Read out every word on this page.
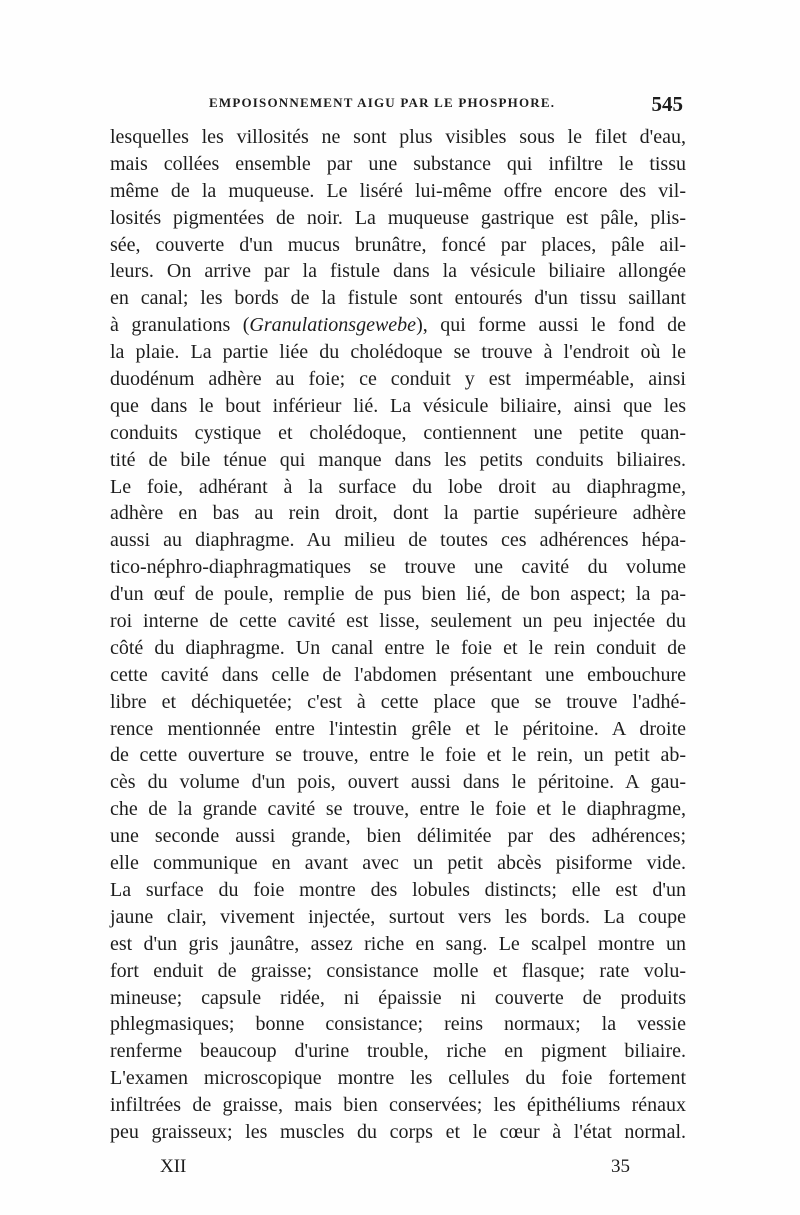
EMPOISONNEMENT AIGU PAR LE PHOSPHORE.	545
lesquelles les villosités ne sont plus visibles sous le filet d'eau,
mais collées ensemble par une substance qui infiltre le tissu
même de la muqueuse. Le liséré lui-même offre encore des vil-
losités pigmentées de noir. La muqueuse gastrique est pâle, plis-
sée, couverte d'un mucus brunâtre, foncé par places, pâle ail-
leurs. On arrive par la fistule dans la vésicule biliaire allongée
en canal; les bords de la fistule sont entourés d'un tissu saillant
à granulations (Granulationsgewebe), qui forme aussi le fond de
la plaie. La partie liée du cholédoque se trouve à l'endroit où le
duodénum adhère au foie; ce conduit y est imperméable, ainsi
que dans le bout inférieur lié. La vésicule biliaire, ainsi que les
conduits cystique et cholédoque, contiennent une petite quan-
tité de bile ténue qui manque dans les petits conduits biliaires.
Le foie, adhérant à la surface du lobe droit au diaphragme,
adhère en bas au rein droit, dont la partie supérieure adhère
aussi au diaphragme. Au milieu de toutes ces adhérences hépa-
tico-néphro-diaphragmatiques se trouve une cavité du volume
d'un œuf de poule, remplie de pus bien lié, de bon aspect; la pa-
roi interne de cette cavité est lisse, seulement un peu injectée du
côté du diaphragme. Un canal entre le foie et le rein conduit de
cette cavité dans celle de l'abdomen présentant une embouchure
libre et déchiquetée; c'est à cette place que se trouve l'adhé-
rence mentionnée entre l'intestin grêle et le péritoine. A droite
de cette ouverture se trouve, entre le foie et le rein, un petit ab-
cès du volume d'un pois, ouvert aussi dans le péritoine. A gau-
che de la grande cavité se trouve, entre le foie et le diaphragme,
une seconde aussi grande, bien délimitée par des adhérences;
elle communique en avant avec un petit abcès pisiforme vide.
La surface du foie montre des lobules distincts; elle est d'un
jaune clair, vivement injectée, surtout vers les bords. La coupe
est d'un gris jaunâtre, assez riche en sang. Le scalpel montre un
fort enduit de graisse; consistance molle et flasque; rate volu-
mineuse; capsule ridée, ni épaissie ni couverte de produits
phlegmasiques; bonne consistance; reins normaux; la vessie
renferme beaucoup d'urine trouble, riche en pigment biliaire.
L'examen microscopique montre les cellules du foie fortement
infiltrées de graisse, mais bien conservées; les épithéliums rénaux
peu graisseux; les muscles du corps et le cœur à l'état normal.
XII	35
